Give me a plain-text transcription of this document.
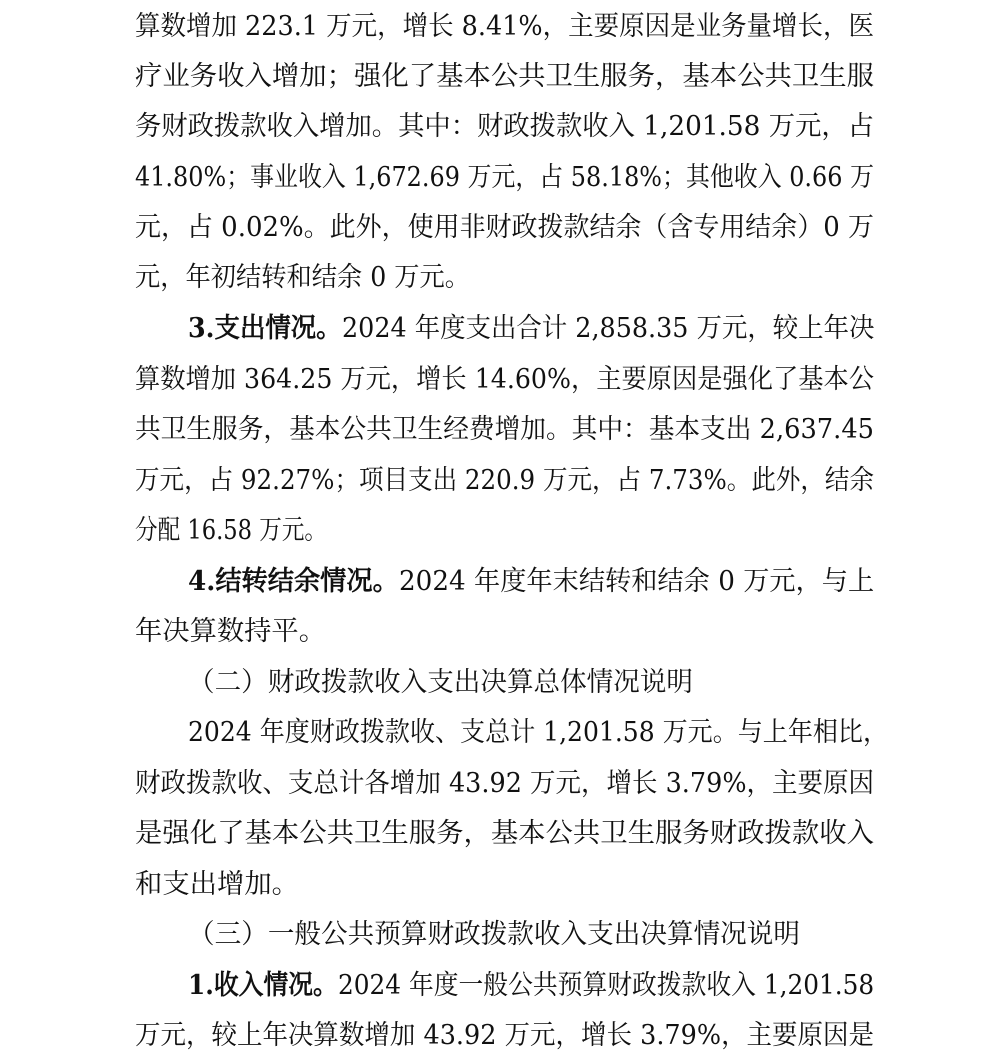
算数增加 223.1 万元，增长 8.41%，主要原因是业务量增长，医
疗业务收入增加；强化了基本公共卫生服务，基本公共卫生服
务财政拨款收入增加。其中：财政拨款收入 1,201.58 万元，占
41.80%；事业收入 1,672.69 万元，占 58.18%；其他收入 0.66 万
元，占 0.02%。此外，使用非财政拨款结余（含专用结余）0 万
元，年初结转和结余 0 万元。
3.支出情况。 2024 年度支出合计 2,858.35 万元，较上年决
算数增加 364.25 万元，增长 14.60%，主要原因是强化了基本公
共卫生服务，基本公共卫生经费增加。其中：基本支出 2,637.45
万元，占 92.27%；项目支出 220.9 万元，占 7.73%。此外，结余
分配 16.58 万元。
4.结转结余情况。 2024 年度年末结转和结余 0 万元，与上
年决算数持平。
（二）财政拨款收入支出决算总体情况说明
2024 年度财政拨款收、支总计 1,201.58 万元。与上年相比，
财政拨款收、支总计各增加 43.92 万元，增长 3.79%，主要原因
是强化了基本公共卫生服务，基本公共卫生服务财政拨款收入
和支出增加。
（三）一般公共预算财政拨款收入支出决算情况说明
1.收入情况。 2024 年度一般公共预算财政拨款收入 1,201.58
万元，较上年决算数增加 43.92 万元，增长 3.79%，主要原因是
